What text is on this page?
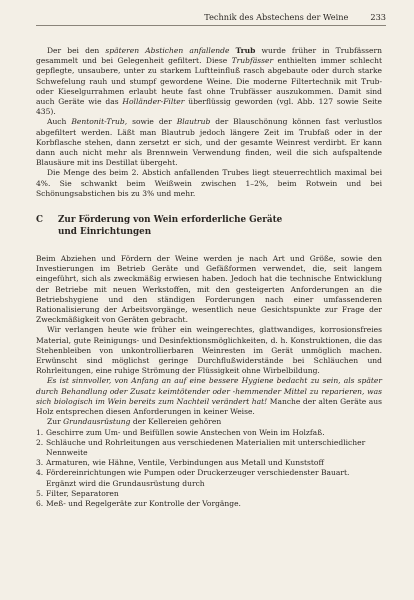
Technik des Abstechens der Weine	233

Der bei den späteren Abstichen anfallende Trub wurde früher in Trubfässern gesammelt und bei Gelegenheit gefiltert. Diese Trubfässer enthielten immer schlecht gepflegte, unsaubere, unter zu starkem Luftteinfluß rasch abgebaute oder durch starke Schwefelung rauh und stumpf gewordene Weine. Die moderne Filtertechnik mit Trub- oder Kieselgurrahmen erlaubt heute fast ohne Trubfässer auszukommen. Damit sind auch Geräte wie das Holländer-Filter überflüssig geworden (vgl. Abb. 127 sowie Seite 435).

Auch Bentonit-Trub, sowie der Blautrub der Blauschönung können fast verlustlos abgefiltert werden. Läßt man Blautrub jedoch längere Zeit im Trubfaß oder in der Korbflasche stehen, dann zersetzt er sich, und der gesamte Weinrest verdirbt. Er kann dann auch nicht mehr als Brennwein Verwendung finden, weil die sich aufspaltende Blausäure mit ins Destillat übergeht.

Die Menge des beim 2. Abstich anfallenden Trubes liegt steuerrechtlich maximal bei 4%. Sie schwankt beim Weißwein zwischen 1–2%, beim Rotwein und bei Schönungsabstichen bis zu 3% und mehr.

C	Zur Förderung von Wein erforderliche Geräte
und Einrichtungen

Beim Abziehen und Fördern der Weine werden je nach Art und Größe, sowie den Investierungen im Betrieb Geräte und Gefäßformen verwendet, die, seit langem eingeführt, sich als zweckmäßig erwiesen haben. Jedoch hat die technische Entwicklung der Betriebe mit neuen Werkstoffen, mit den gesteigerten Anforderungen an die Betriebshygiene und den ständigen Forderungen nach einer umfassenderen Rationalisierung der Arbeitsvorgänge, wesentlich neue Gesichtspunkte zur Frage der Zweckmäßigkeit von Geräten gebracht.

Wir verlangen heute wie früher ein weingerechtes, glattwandiges, korrosionsfreies Material, gute Reinigungs- und Desinfektionsmöglichkeiten, d. h. Konstruktionen, die das Stehenbleiben von unkontrollierbaren Weinresten im Gerät unmöglich machen. Erwünscht sind möglichst geringe Durchflußwiderstände bei Schläuchen und Rohrleitungen, eine ruhige Strömung der Flüssigkeit ohne Wirbelbildung.

Es ist sinnvoller, von Anfang an auf eine bessere Hygiene bedacht zu sein, als später durch Behandlung oder Zusatz keimtötender oder -hemmender Mittel zu reparieren, was sich biologisch im Wein bereits zum Nachteil verändert hat! Manche der alten Geräte aus Holz entsprechen diesen Anforderungen in keiner Weise.

Zur Grundausrüstung der Kellereien gehören

1. Geschirre zum Um- und Beifüllen sowie Anstechen von Wein im Holzfaß.
2. Schläuche und Rohrleitungen aus verschiedenen Materialien mit unterschiedlicher Nennweite
3. Armaturen, wie Hähne, Ventile, Verbindungen aus Metall und Kunststoff
4. Fördereinrichtungen wie Pumpen oder Druckerzeuger verschiedenster Bauart. Ergänzt wird die Grundausrüstung durch
5. Filter, Separatoren
6. Meß- und Regelgeräte zur Kontrolle der Vorgänge.
